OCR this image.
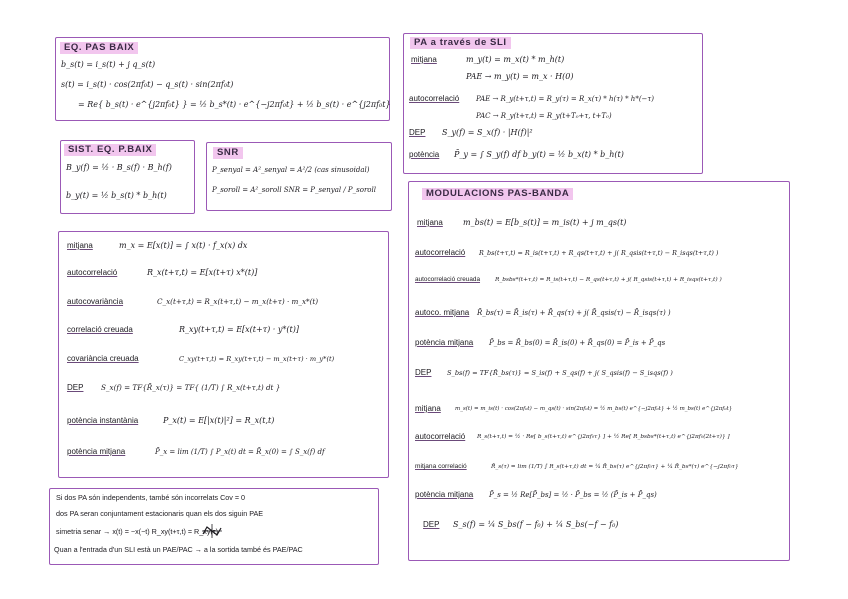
EQ. PAS BAIX
b_s(t) = i_s(t) + j q_s(t)
s(t) = i_s(t) · cos(2πf₀t) − q_s(t) · sin(2πf₀t)
= Re{ b_s(t) · e^{j2πf₀t} } = ½ b_s*(t) · e^{−j2πf₀t} + ½ b_s(t) · e^{j2πf₀t}
SIST. EQ. P.BAIX
B_y(f) = ½ · B_s(f) · B_h(f)
b_y(t) = ½ b_s(t) * b_h(t)
SNR
P_senyal = A²_senyal = A²/2 (cas sinusoidal)
P_soroll = A²_soroll SNR = P_senyal / P_soroll
PA a través de SLI
mitjana	m_y(t) = m_x(t) * m_h(t)
PAE → m_y(t) = m_x · H(0)
autocorrelació PAE → R_y(t+τ,t) = R_y(τ) = R_x(τ) * h(τ) * h*(−τ)
PAC → R_y(t+τ,t) = R_y(t+T₀+τ, t+T₀)
DEP S_y(f) = S_x(f) · |H(f)|²
potència P̄_y = ∫ S_y(f) df b_y(t) = ½ b_x(t) * b_h(t)
mitjana	m_x = E[x(t)] = ∫ x(t) · f_x(x) dx
autocorrelació	R_x(t+τ,t) = E[x(t+τ) x*(t)]
autocovariància	C_x(t+τ,t) = R_x(t+τ,t) − m_x(t+τ) · m_x*(t)
correlació creuada	R_xy(t+τ,t) = E[x(t+τ) · y*(t)]
covariància creuada	C_xy(t+τ,t) = R_xy(t+τ,t) − m_x(t+τ) · m_y*(t)
DEP S_x(f) = TF{R̄_x(τ)} = TF{ (1/T) ∫ R_x(t+τ,t) dt }
potència instantània	P_x(t) = E[|x(t)|²] = R_x(t,t)
potència mitjana	P̄_x = lim (1/T) ∫ P_x(t) dt = R̄_x(0) = ∫ S_x(f) df
Si dos PA són independents, també són incorrelats Cov = 0
dos PA seran conjuntament estacionaris quan els dos siguin PAE
simetria senar → x(t) = −x(−t) R_xy(t+τ,t) = R_xy(τ)
Quan a l'entrada d'un SLI està un PAE/PAC → a la sortida també és PAE/PAC
MODULACIONS PAS-BANDA
mitjana	m_bs(t) = E[b_s(t)] = m_is(t) + j m_qs(t)
autocorrelació R_bs(t+τ,t) = R_is(t+τ,t) + R_qs(t+τ,t) + j( R_qsis(t+τ,t) − R_isqs(t+τ,t) )
autocorrelació creuada	R_bsbs*(t+τ,t) = R_is(t+τ,t) − R_qs(t+τ,t) + j( R_qsis(t+τ,t) + R_isqs(t+τ,t) )
autoco. mitjana R̄_bs(τ) = R̄_is(τ) + R̄_qs(τ) + j( R̄_qsis(τ) − R̄_isqs(τ) )
potència mitjana P̄_bs = R̄_bs(0) = R̄_is(0) + R̄_qs(0) = P̄_is + P̄_qs
DEP S_bs(f) = TF{R̄_bs(τ)} = S_is(f) + S_qs(f) + j( S_qsis(f) − S_isqs(f) )
mitjana	m_s(t) = m_is(t) · cos(2πf₀t) − m_qs(t) · sin(2πf₀t) = ½ m_bs(t) e^{−j2πf₀t} + ½ m_bs(t) e^{j2πf₀t}
autocorrelació R_s(t+τ,t) = ½ · Re[ b_s(t+τ,t) e^{j2πf₀τ} ] + ½ Re[ R_bsbs*(t+τ,t) e^{j2πf₀(2t+τ)} ]
mitjana correlació	R̄_s(τ) = lim (1/T) ∫ R_s(t+τ,t) dt = ¼ R̄_bs(τ) e^{j2πf₀τ} + ¼ R̄_bs*(τ) e^{−j2πf₀τ}
potència mitjana P̄_s = ½ Re[P̄_bs] = ½ · P̄_bs = ½ (P̄_is + P̄_qs)
DEP S_s(f) = ¼ S_bs(f − f₀) + ¼ S_bs(−f − f₀)
